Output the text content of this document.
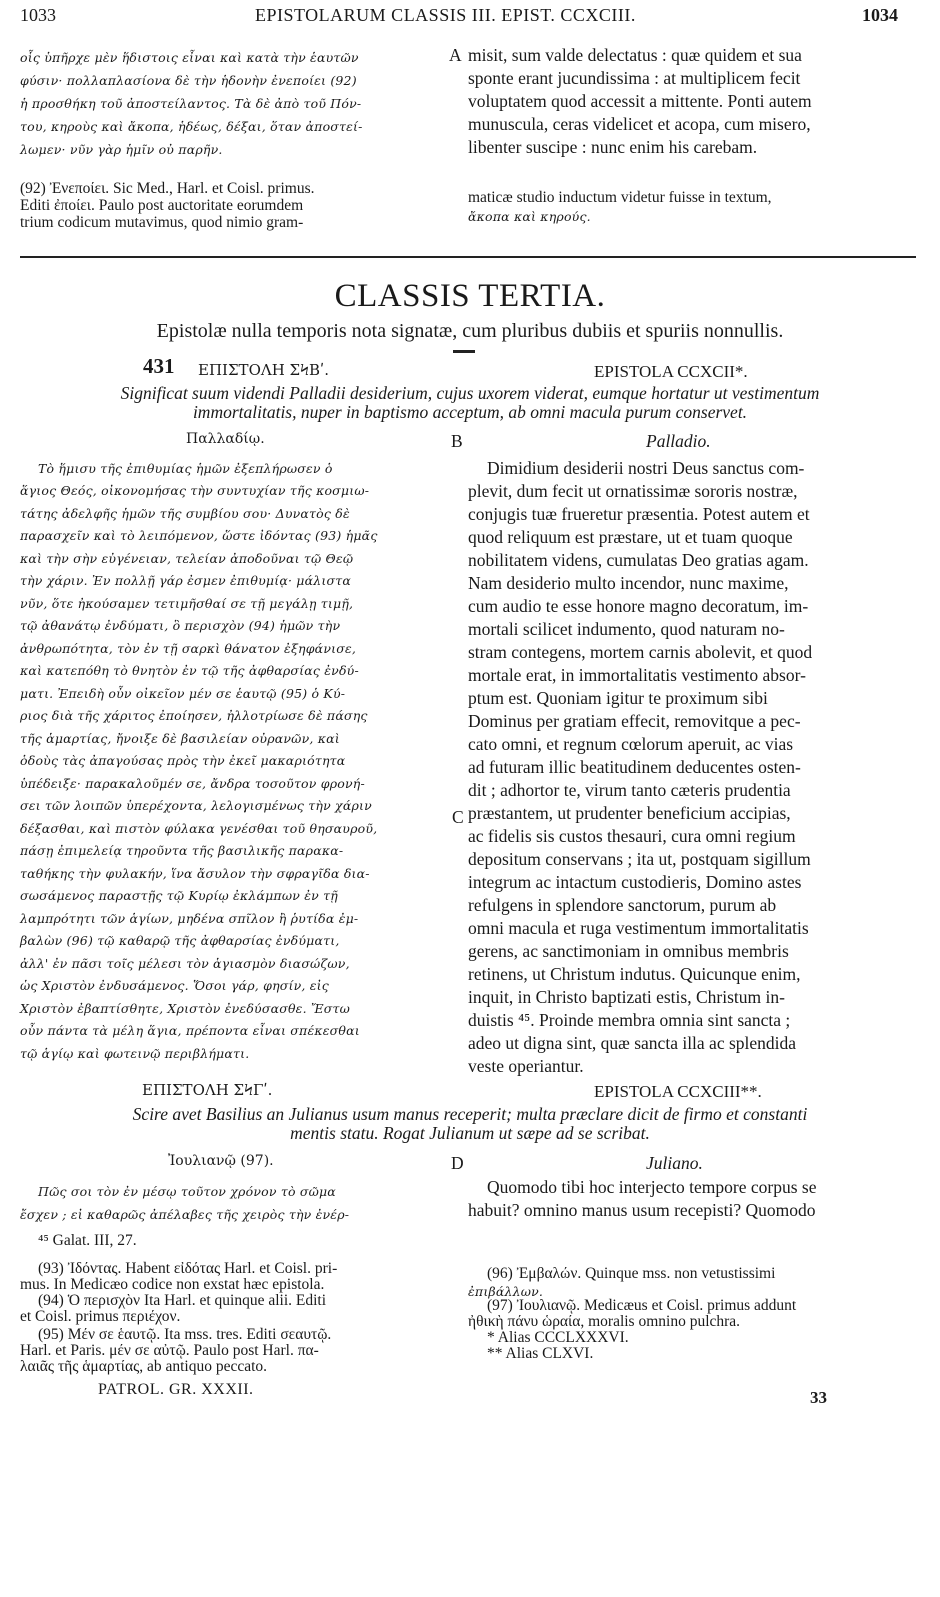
1033	EPISTOLARUM CLASSIS III. EPIST. CCXCIII.	1034
οἷς ὑπῆρχε μὲν ἥδιστοις εἶναι καὶ κατὰ τὴν ἑαυτῶν
φύσιν· πολλαπλασίονα δὲ τὴν ἡδονὴν ἐνεποίει (92)
ἡ προσθήκη τοῦ ἀποστείλαντος. Τὰ δὲ ἀπὸ τοῦ Πόν-
του, κηροὺς καὶ ἄκοπα, ἡδέως, δέξαι, ὅταν ἀποστεί-
λωμεν· νῦν γὰρ ἡμῖν οὐ παρῆν.
A misit, sum valde delectatus : quæ quidem et sua
sponte erant jucundissima : at multiplicem fecit
voluptatem quod accessit a mittente. Ponti autem
munuscula, ceras videlicet et acopa, cum misero,
libenter suscipe : nunc enim his carebam.
(92) Ἐνεποίει. Sic Med., Harl. et Coisl. primus.
Editi ἐποίει. Paulo post auctoritate eorumdem
trium codicum mutavimus, quod nimio gram-
maticæ studio inductum videtur fuisse in textum,
ἄκοπα καὶ κηρούς.
CLASSIS TERTIA.
Epistolæ nulla temporis nota signatæ, cum pluribus dubiis et spuriis nonnullis.
431 ΕΠΙΣΤΟΛΗ ΣϞΒʹ.	EPISTOLA CCXCII*.
Significat suum videndi Palladii desiderium, cujus uxorem viderat, eumque hortatur ut vestimentum
immortalitatis, nuper in baptismo acceptum, ab omni macula purum conservet.
Παλλαδίῳ.	B	Palladio.
Τὸ ἥμισυ τῆς ἐπιθυμίας ἡμῶν ἐξεπλήρωσεν ὁ
ἅγιος Θεός, οἰκονομήσας τὴν συντυχίαν τῆς κοσμιω-
τάτης ἀδελφῆς ἡμῶν τῆς συμβίου σου· Δυνατὸς δὲ
παρασχεῖν καὶ τὸ λειπόμενον, ὥστε ἰδόντας (93) ἡμᾶς
καὶ τὴν σὴν εὐγένειαν, τελείαν ἀποδοῦναι τῷ Θεῷ
τὴν χάριν. Ἐν πολλῇ γάρ ἐσμεν ἐπιθυμίᾳ· μάλιστα
νῦν, ὅτε ἠκούσαμεν τετιμῆσθαί σε τῇ μεγάλῃ τιμῇ,
τῷ ἀθανάτῳ ἐνδύματι, ὃ περισχὸν (94) ἡμῶν τὴν
ἀνθρωπότητα, τὸν ἐν τῇ σαρκὶ θάνατον ἐξηφάνισε,
καὶ κατεπόθη τὸ θνητὸν ἐν τῷ τῆς ἀφθαρσίας ἐνδύ-
ματι. Ἐπειδὴ οὖν οἰκεῖον μέν σε ἑαυτῷ (95) ὁ Κύ-
ριος διὰ τῆς χάριτος ἐποίησεν, ἠλλοτρίωσε δὲ πάσης
τῆς ἁμαρτίας, ἤνοιξε δὲ βασιλείαν οὐρανῶν, καὶ
ὁδοὺς τὰς ἀπαγούσας πρὸς τὴν ἐκεῖ μακαριότητα
ὑπέδειξε· παρακαλοῦμέν σε, ἄνδρα τοσοῦτον φρονή-
σει τῶν λοιπῶν ὑπερέχοντα, λελογισμένως τὴν χάριν
δέξασθαι, καὶ πιστὸν φύλακα γενέσθαι τοῦ θησαυροῦ,
πάσῃ ἐπιμελείᾳ τηροῦντα τῆς βασιλικῆς παρακα-
ταθήκης τὴν φυλακήν, ἵνα ἄσυλον τὴν σφραγῖδα δια-
σωσάμενος παραστῇς τῷ Κυρίῳ ἐκλάμπων ἐν τῇ
λαμπρότητι τῶν ἁγίων, μηδένα σπῖλον ἢ ῥυτίδα ἐμ-
βαλὼν (96) τῷ καθαρῷ τῆς ἀφθαρσίας ἐνδύματι,
ἀλλ' ἐν πᾶσι τοῖς μέλεσι τὸν ἁγιασμὸν διασώζων,
ὡς Χριστὸν ἐνδυσάμενος. Ὅσοι γάρ, φησίν, εἰς
Χριστὸν ἐβαπτίσθητε, Χριστὸν ἐνεδύσασθε. Ἔστω
οὖν πάντα τὰ μέλη ἅγια, πρέποντα εἶναι σπέκεσθαι
τῷ ἁγίῳ καὶ φωτεινῷ περιβλήματι.
C
Dimidium desiderii nostri Deus sanctus com-
plevit, dum fecit ut ornatissimæ sororis nostræ,
conjugis tuæ frueretur præsentia. Potest autem et
quod reliquum est præstare, ut et tuam quoque
nobilitatem videns, cumulatas Deo gratias agam.
Nam desiderio multo incendor, nunc maxime,
cum audio te esse honore magno decoratum, im-
mortali scilicet indumento, quod naturam no-
stram contegens, mortem carnis abolevit, et quod
mortale erat, in immortalitatis vestimento absor-
ptum est. Quoniam igitur te proximum sibi
Dominus per gratiam effecit, removitque a pec-
cato omni, et regnum cœlorum aperuit, ac vias
ad futuram illic beatitudinem deducentes osten-
dit ; adhortor te, virum tanto cæteris prudentia
præstantem, ut prudenter beneficium accipias,
ac fidelis sis custos thesauri, cura omni regium
depositum conservans ; ita ut, postquam sigillum
integrum ac intactum custodieris, Domino astes
refulgens in splendore sanctorum, purum ab
omni macula et ruga vestimentum immortalitatis
gerens, ac sanctimoniam in omnibus membris
retinens, ut Christum indutus. Quicunque enim,
inquit, in Christo baptizati estis, Christum in-
duistis ⁴⁵. Proinde membra omnia sint sancta ;
adeo ut digna sint, quæ sancta illa ac splendida
veste operiantur.
ΕΠΙΣΤΟΛΗ ΣϞΓʹ.	EPISTOLA CCXCIII**.
Scire avet Basilius an Julianus usum manus receperit; multa præclare dicit de firmo et constanti
mentis statu. Rogat Julianum ut sæpe ad se scribat.
Ἰουλιανῷ (97).	D	Juliano.
Πῶς σοι τὸν ἐν μέσῳ τοῦτον χρόνον τὸ σῶμα
ἔσχεν ; εἰ καθαρῶς ἀπέλαβες τῆς χειρὸς τὴν ἐνέρ-
Quomodo tibi hoc interjecto tempore corpus se
habuit? omnino manus usum recepisti? Quomodo
⁴⁵ Galat. III, 27.
(93) Ἰδόντας. Habent εἰδότας Harl. et Coisl. pri-
mus. In Medicæo codice non exstat hæc epistola.
(94) Ὁ περισχὸν Ita Harl. et quinque alii. Editi
et Coisl. primus περιέχον.
(95) Μέν σε ἑαυτῷ. Ita mss. tres. Editi σεαυτῷ.
Harl. et Paris. μέν σε αὐτῷ. Paulo post Harl. πα-
λαιᾶς τῆς ἁμαρτίας, ab antiquo peccato.
(96) Ἐμβαλών. Quinque mss. non vetustissimi
ἐπιβάλλων.
(97) Ἰουλιανῷ. Medicæus et Coisl. primus addunt
ἠθικὴ πάνυ ὡραία, moralis omnino pulchra.
* Alias CCCLXXXVI.
** Alias CLXVI.
PATROL. GR. XXXII.	33
